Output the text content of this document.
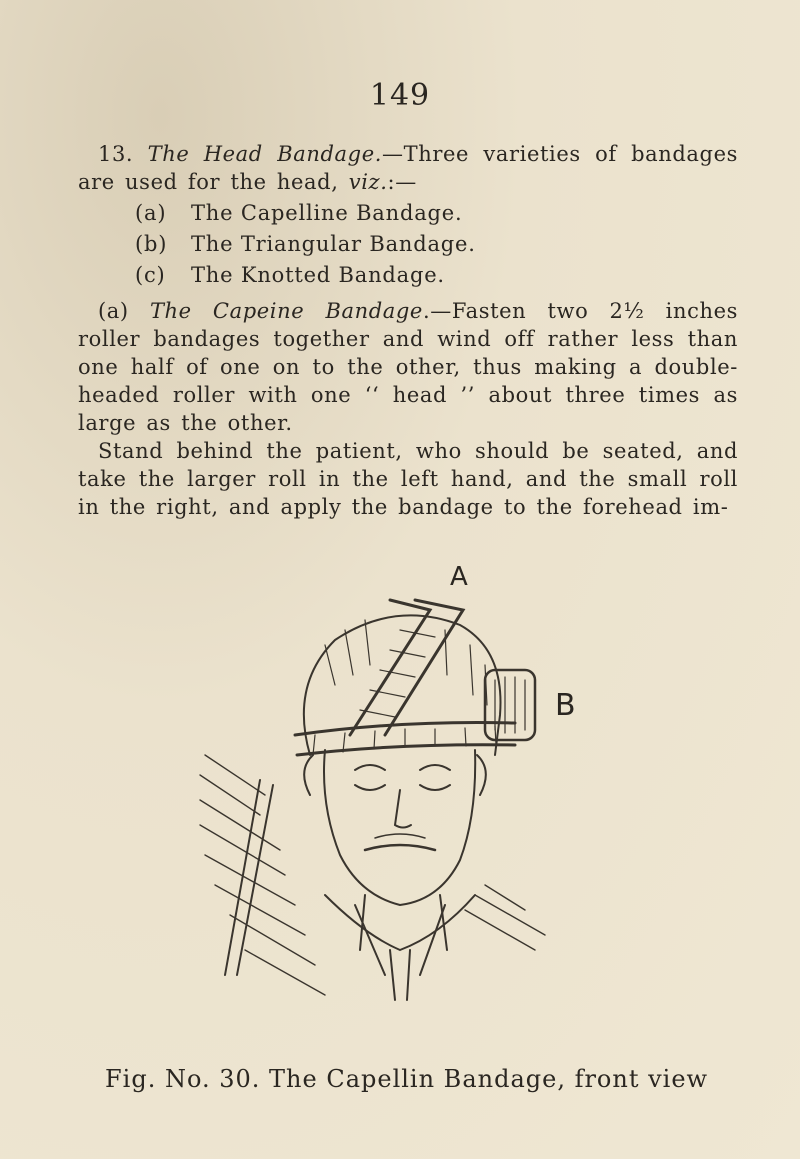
149
13. The Head Bandage.—Three varieties of bandages are used for the head, viz.:—
(a) The Capelline Bandage.
(b) The Triangular Bandage.
(c) The Knotted Bandage.
(a) The Capeine Bandage.—Fasten two 2½ inches roller bandages together and wind off rather less than one half of one on to the other, thus making a double-headed roller with one ‘‘ head ’’ about three times as large as the other.
Stand behind the patient, who should be seated, and take the larger roll in the left hand, and the small roll in the right, and apply the bandage to the forehead im-
A
B
Fig. No. 30. The Capellin Bandage, front view
